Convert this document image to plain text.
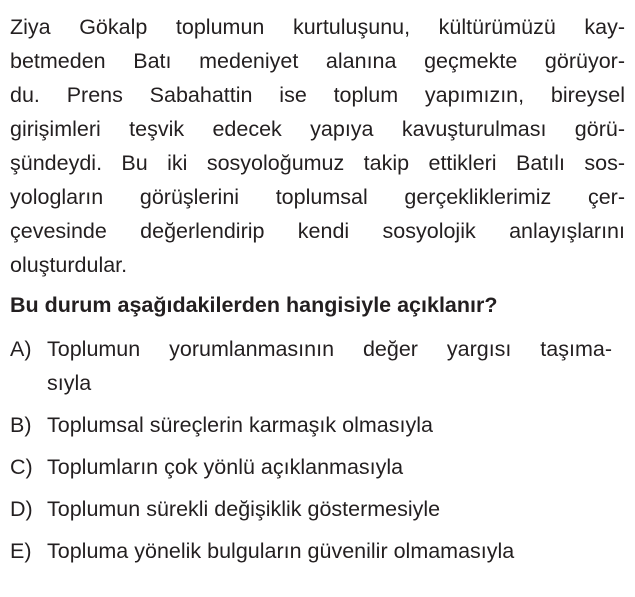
Ziya Gökalp toplumun kurtuluşunu, kültürümüzü kay-
betmeden Batı medeniyet alanına geçmekte görüyor-
du. Prens Sabahattin ise toplum yapımızın, bireysel
girişimleri teşvik edecek yapıya kavuşturulması görü-
şündeydi. Bu iki sosyoloğumuz takip ettikleri Batılı sos-
yologların görüşlerini toplumsal gerçekliklerimiz çer-
çevesinde değerlendirip kendi sosyolojik anlayışlarını
oluşturdular.
Bu durum aşağıdakilerden hangisiyle açıklanır?
A) Toplumun yorumlanmasının değer yargısı taşıma-
sıyla
B) Toplumsal süreçlerin karmaşık olmasıyla
C) Toplumların çok yönlü açıklanmasıyla
D) Toplumun sürekli değişiklik göstermesiyle
E) Topluma yönelik bulguların güvenilir olmamasıyla
